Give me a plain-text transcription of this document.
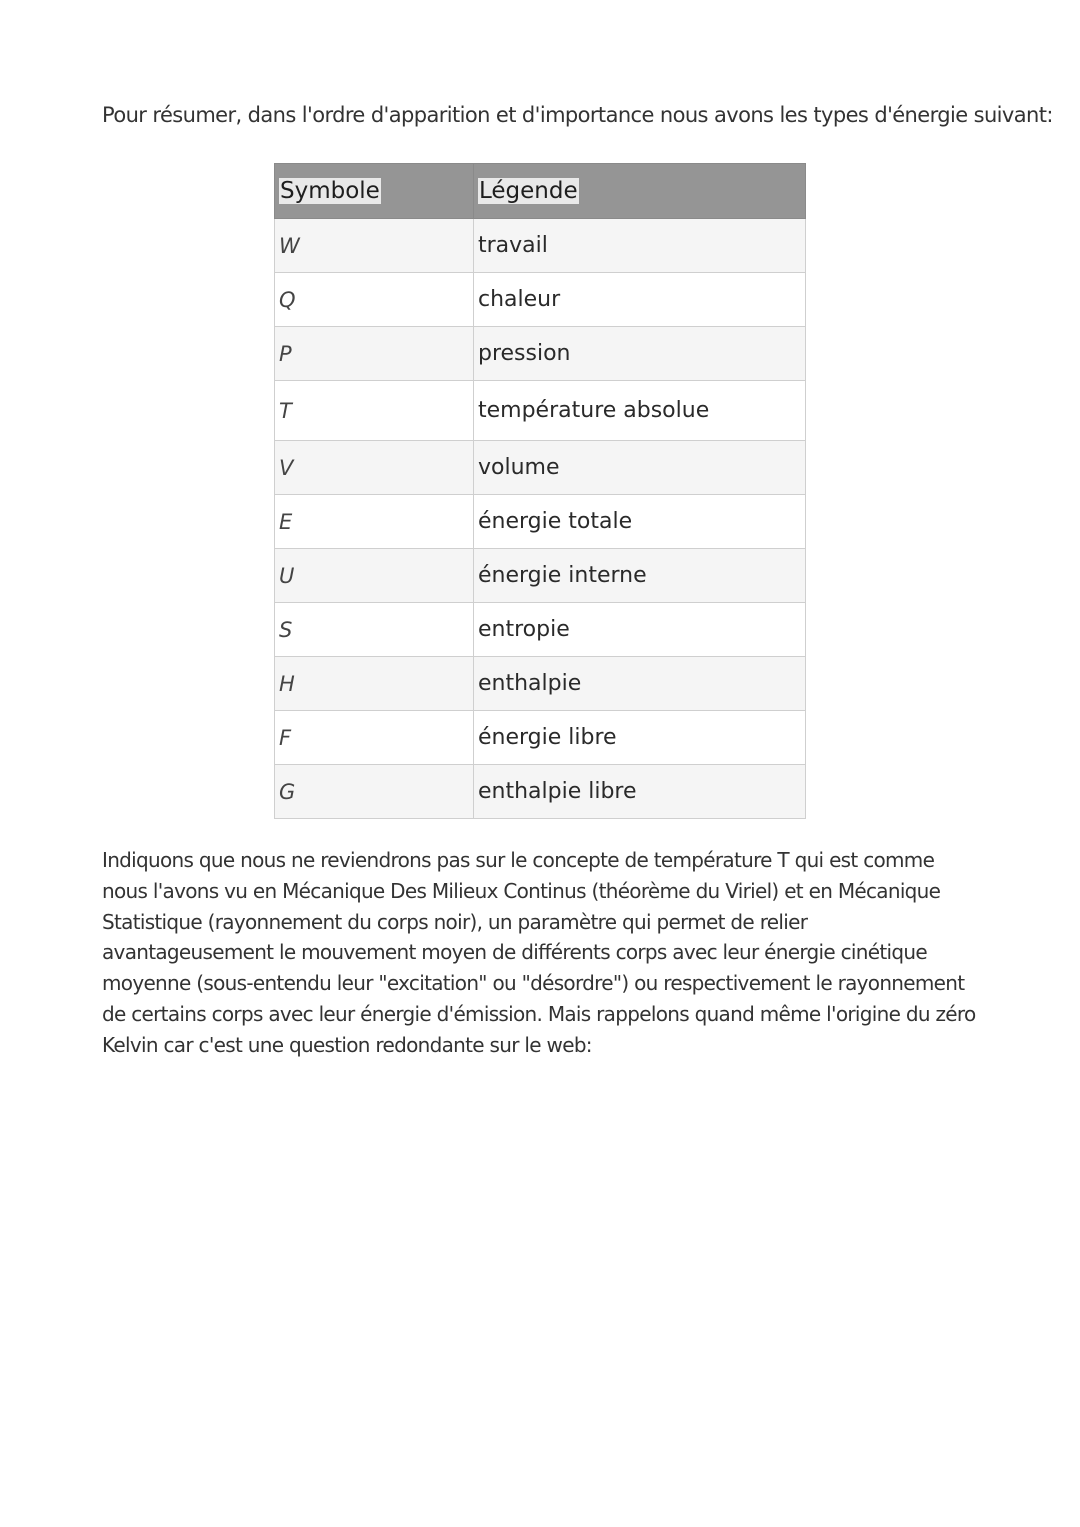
Pour résumer, dans l'ordre d'apparition et d'importance nous avons les types d'énergie suivant:

Symbole	Légende
W	travail
Q	chaleur
P	pression
T	température absolue
V	volume
E	énergie totale
U	énergie interne
S	entropie
H	enthalpie
F	énergie libre
G	enthalpie libre

Indiquons que nous ne reviendrons pas sur le concepte de température T qui est comme nous l'avons vu en Mécanique Des Milieux Continus (théorème du Viriel) et en Mécanique Statistique (rayonnement du corps noir), un paramètre qui permet de relier avantageusement le mouvement moyen de différents corps avec leur énergie cinétique moyenne (sous-entendu leur "excitation" ou "désordre") ou respectivement le rayonnement de certains corps avec leur énergie d'émission. Mais rappelons quand même l'origine du zéro Kelvin car c'est une question redondante sur le web:
